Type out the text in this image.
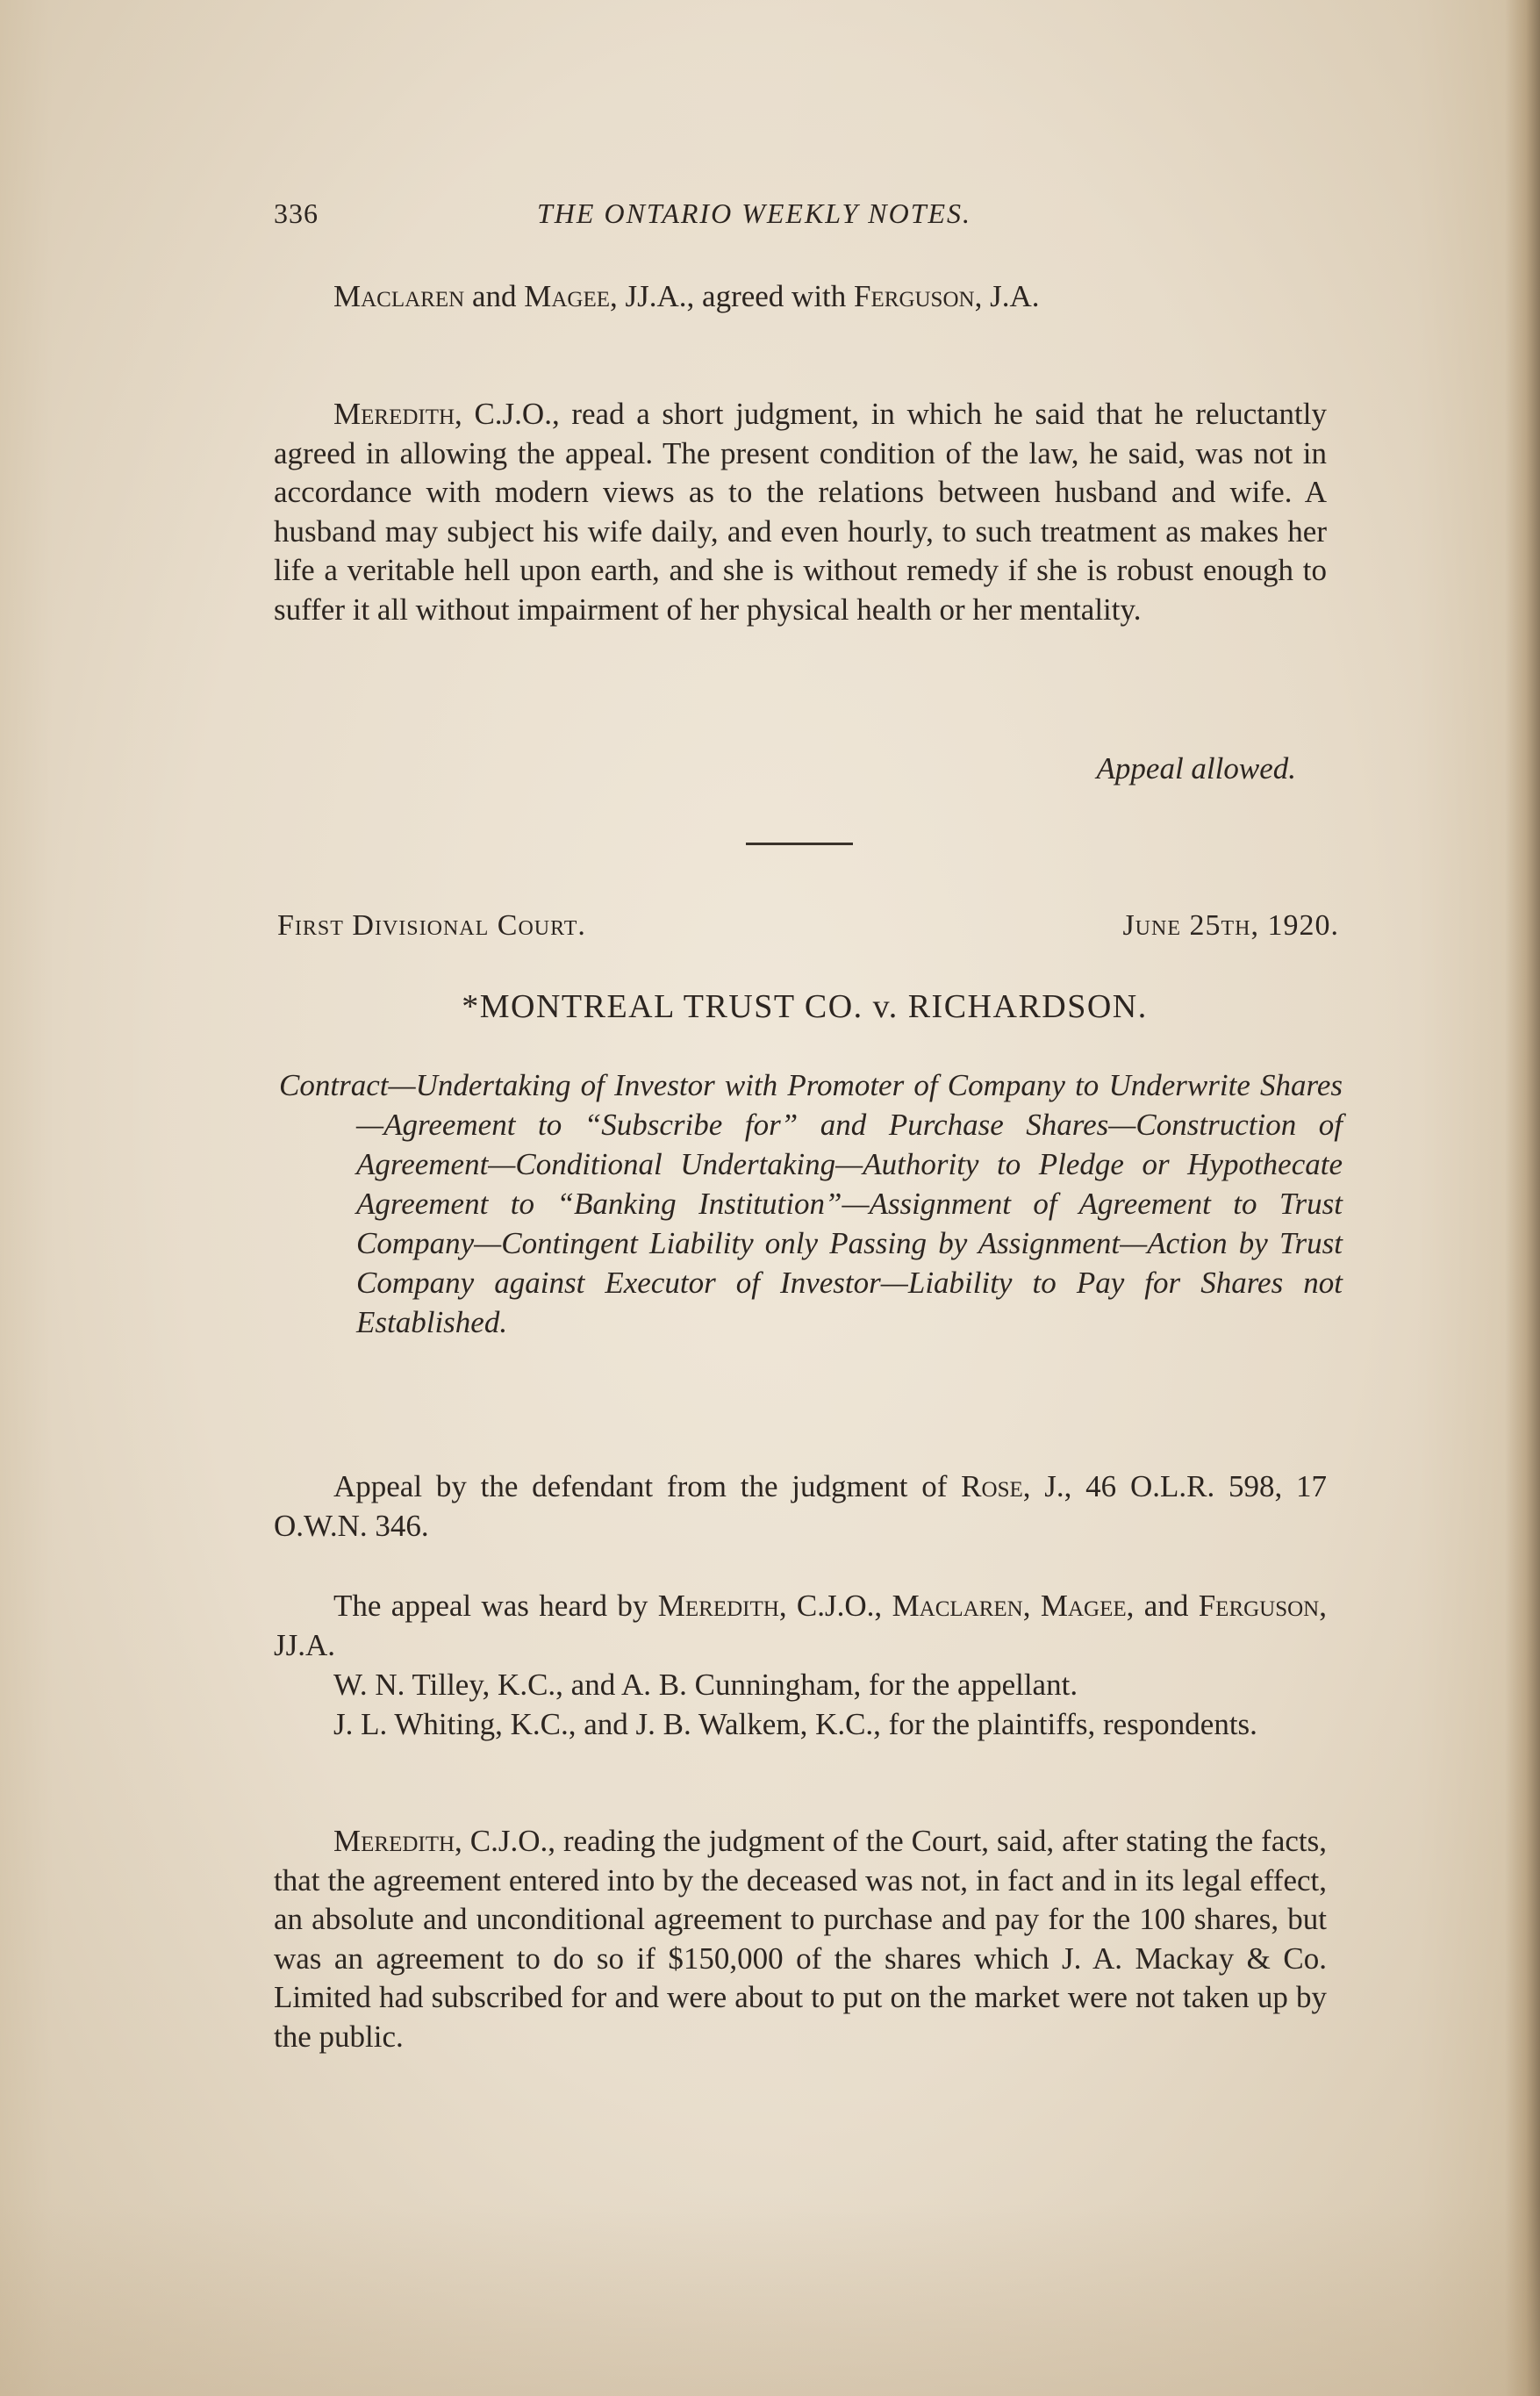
336	THE ONTARIO WEEKLY NOTES.
Maclaren and Magee, JJ.A., agreed with Ferguson, J.A.
Meredith, C.J.O., read a short judgment, in which he said that he reluctantly agreed in allowing the appeal. The present condition of the law, he said, was not in accordance with modern views as to the relations between husband and wife. A husband may subject his wife daily, and even hourly, to such treatment as makes her life a veritable hell upon earth, and she is without remedy if she is robust enough to suffer it all without impairment of her physical health or her mentality.
Appeal allowed.
First Divisional Court.	June 25th, 1920.
*MONTREAL TRUST CO. v. RICHARDSON.
Contract—Undertaking of Investor with Promoter of Company to Underwrite Shares—Agreement to “Subscribe for” and Purchase Shares—Construction of Agreement—Conditional Undertaking—Authority to Pledge or Hypothecate Agreement to “Banking Institution”—Assignment of Agreement to Trust Company—Contingent Liability only Passing by Assignment—Action by Trust Company against Executor of Investor—Liability to Pay for Shares not Established.
Appeal by the defendant from the judgment of Rose, J., 46 O.L.R. 598, 17 O.W.N. 346.
The appeal was heard by Meredith, C.J.O., Maclaren, Magee, and Ferguson, JJ.A.
W. N. Tilley, K.C., and A. B. Cunningham, for the appellant.
J. L. Whiting, K.C., and J. B. Walkem, K.C., for the plaintiffs, respondents.
Meredith, C.J.O., reading the judgment of the Court, said, after stating the facts, that the agreement entered into by the deceased was not, in fact and in its legal effect, an absolute and unconditional agreement to purchase and pay for the 100 shares, but was an agreement to do so if $150,000 of the shares which J. A. Mackay & Co. Limited had subscribed for and were about to put on the market were not taken up by the public.
